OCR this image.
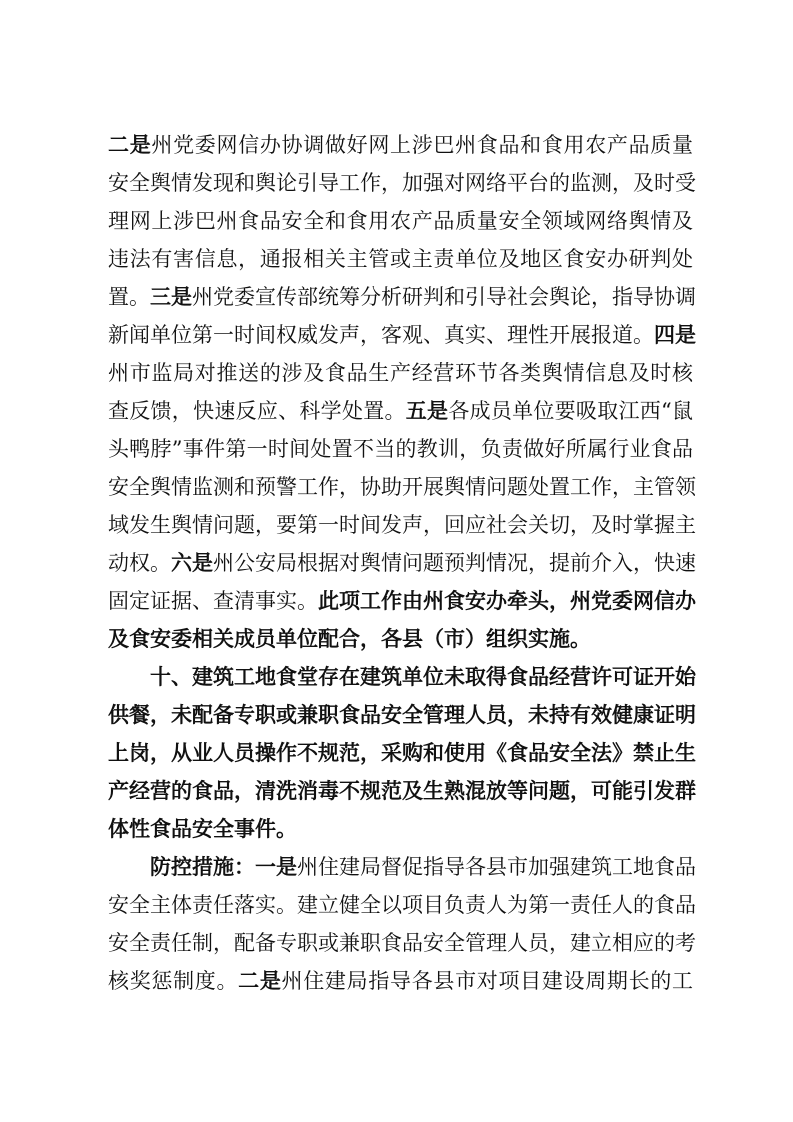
二是州党委网信办协调做好网上涉巴州食品和食用农产品质量
安全舆情发现和舆论引导工作，加强对网络平台的监测，及时受
理网上涉巴州食品安全和食用农产品质量安全领域网络舆情及
违法有害信息，通报相关主管或主责单位及地区食安办研判处
置。三是州党委宣传部统筹分析研判和引导社会舆论，指导协调
新闻单位第一时间权威发声，客观、真实、理性开展报道。四是
州市监局对推送的涉及食品生产经营环节各类舆情信息及时核
查反馈，快速反应、科学处置。五是各成员单位要吸取江西“鼠
头鸭脖”事件第一时间处置不当的教训，负责做好所属行业食品
安全舆情监测和预警工作，协助开展舆情问题处置工作，主管领
域发生舆情问题，要第一时间发声，回应社会关切，及时掌握主
动权。六是州公安局根据对舆情问题预判情况，提前介入，快速
固定证据、查清事实。此项工作由州食安办牵头，州党委网信办
及食安委相关成员单位配合，各县（市）组织实施。
十、建筑工地食堂存在建筑单位未取得食品经营许可证开始
供餐，未配备专职或兼职食品安全管理人员，未持有效健康证明
上岗，从业人员操作不规范，采购和使用《食品安全法》禁止生
产经营的食品，清洗消毒不规范及生熟混放等问题，可能引发群
体性食品安全事件。
防控措施：一是州住建局督促指导各县市加强建筑工地食品
安全主体责任落实。建立健全以项目负责人为第一责任人的食品
安全责任制，配备专职或兼职食品安全管理人员，建立相应的考
核奖惩制度。二是州住建局指导各县市对项目建设周期长的工
